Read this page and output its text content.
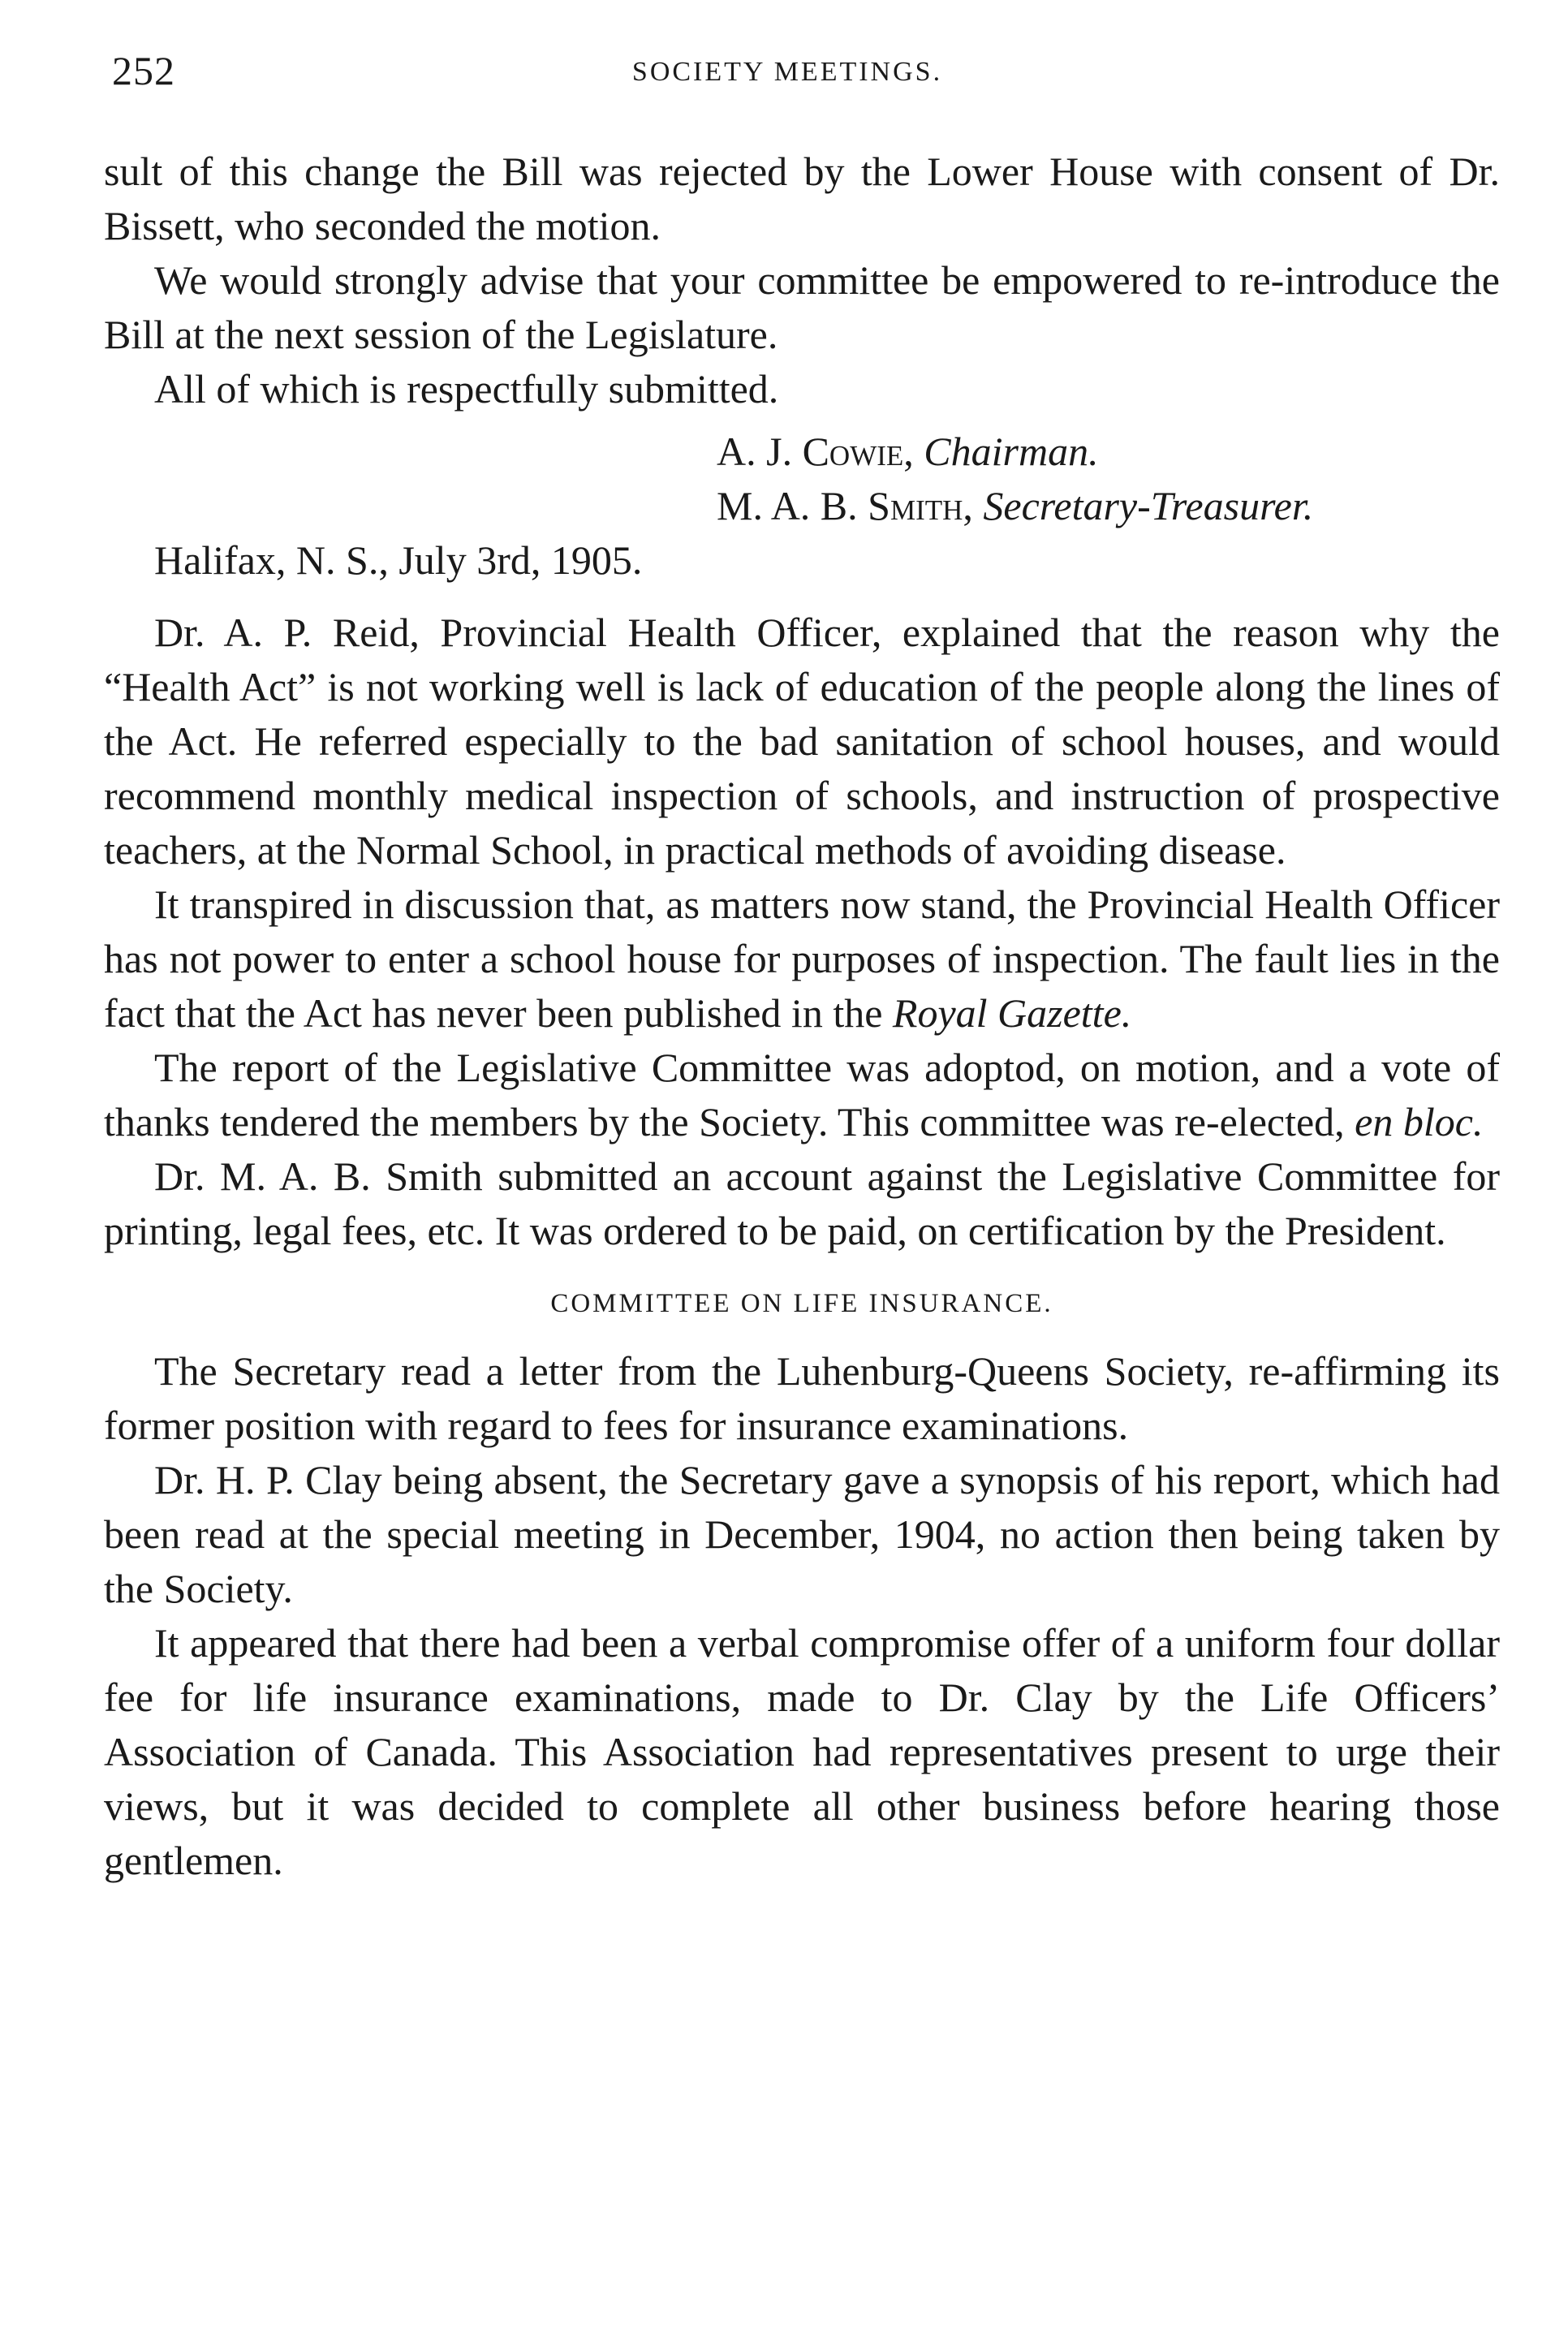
252	SOCIETY MEETINGS.

sult of this change the Bill was rejected by the Lower House with consent of Dr. Bissett, who seconded the motion.

We would strongly advise that your committee be empowered to re-introduce the Bill at the next session of the Legislature.

All of which is respectfully submitted.

A. J. Cowie, Chairman.

M. A. B. Smith, Secretary-Treasurer.

Halifax, N. S., July 3rd, 1905.

Dr. A. P. Reid, Provincial Health Officer, explained that the reason why the “Health Act” is not working well is lack of education of the people along the lines of the Act. He referred especially to the bad sanitation of school houses, and would recommend monthly medical inspection of schools, and instruction of prospective teachers, at the Normal School, in practical methods of avoiding disease.

It transpired in discussion that, as matters now stand, the Provincial Health Officer has not power to enter a school house for purposes of inspection. The fault lies in the fact that the Act has never been published in the Royal Gazette.

The report of the Legislative Committee was adoptod, on motion, and a vote of thanks tendered the members by the Society. This committee was re-elected, en bloc.

Dr. M. A. B. Smith submitted an account against the Legislative Committee for printing, legal fees, etc. It was ordered to be paid, on certification by the President.

COMMITTEE ON LIFE INSURANCE.

The Secretary read a letter from the Luhenburg-Queens Society, re-affirming its former position with regard to fees for insurance examinations.

Dr. H. P. Clay being absent, the Secretary gave a synopsis of his report, which had been read at the special meeting in December, 1904, no action then being taken by the Society.

It appeared that there had been a verbal compromise offer of a uniform four dollar fee for life insurance examinations, made to Dr. Clay by the Life Officers’ Association of Canada. This Association had representatives present to urge their views, but it was decided to complete all other business before hearing those gentlemen.
